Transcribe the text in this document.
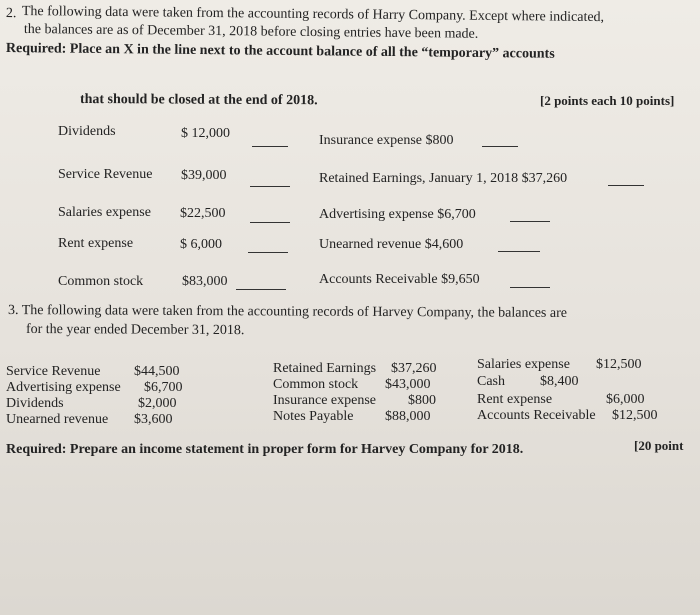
2. The following data were taken from the accounting records of Harry Company. Except where indicated,
the balances are as of December 31, 2018 before closing entries have been made.
Required: Place an X in the line next to the account balance of all the “temporary” accounts
that should be closed at the end of 2018.	[2 points each 10 points]
Dividends	$ 12,000
Service Revenue $39,000
Salaries expense $22,500
Rent expense	$ 6,000
Common stock	$83,000
Insurance expense $800
Retained Earnings, January 1, 2018 $37,260
Advertising expense $6,700
Unearned revenue $4,600
Accounts Receivable $9,650
3. The following data were taken from the accounting records of Harvey Company, the balances are
for the year ended December 31, 2018.
Service Revenue $44,500
Advertising expense $6,700
Dividends	$2,000
Unearned revenue $3,600
Retained Earnings $37,260
Common stock $43,000
Insurance expense $800
Notes Payable $88,000
Salaries expense $12,500
Cash	$8,400
Rent expense	$6,000
Accounts Receivable $12,500
Required: Prepare an income statement in proper form for Harvey Company for 2018.	[20 point
